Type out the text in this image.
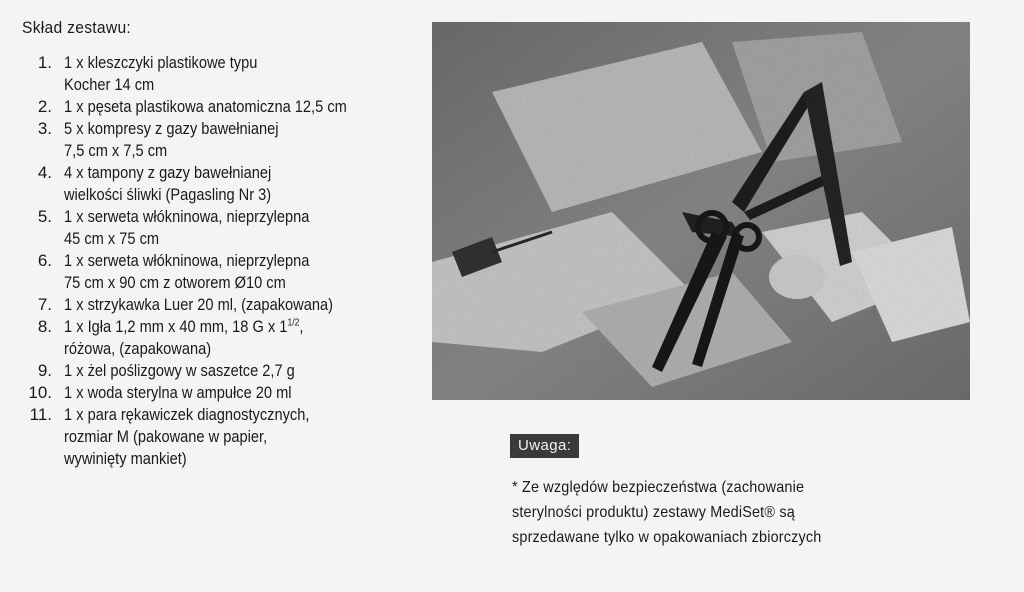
Skład zestawu:
1. 1 x kleszczyki plastikowe typu
Kocher 14 cm
2. 1 x pęseta plastikowa anatomiczna 12,5 cm
3. 5 x kompresy z gazy bawełnianej
7,5 cm x 7,5 cm
4. 4 x tampony z gazy bawełnianej
wielkości śliwki (Pagasling Nr 3)
5. 1 x serweta włókninowa, nieprzylepna
45 cm x 75 cm
6. 1 x serweta włókninowa, nieprzylepna
75 cm x 90 cm z otworem Ø10 cm
7. 1 x strzykawka Luer 20 ml, (zapakowana)
8. 1 x Igła 1,2 mm x 40 mm, 18 G x $1^{1/2}$,
różowa, (zapakowana)
9. 1 x żel poślizgowy w saszetce 2,7 g
10. 1 x woda sterylna w ampułce 20 ml
11. 1 x para rękawiczek diagnostycznych,
rozmiar M (pakowane w papier,
wywinięty mankiet)
Uwaga:
* Ze względów bezpieczeństwa (zachowanie
sterylności produktu) zestawy MediSet® są
sprzedawane tylko w opakowaniach zbiorczych
